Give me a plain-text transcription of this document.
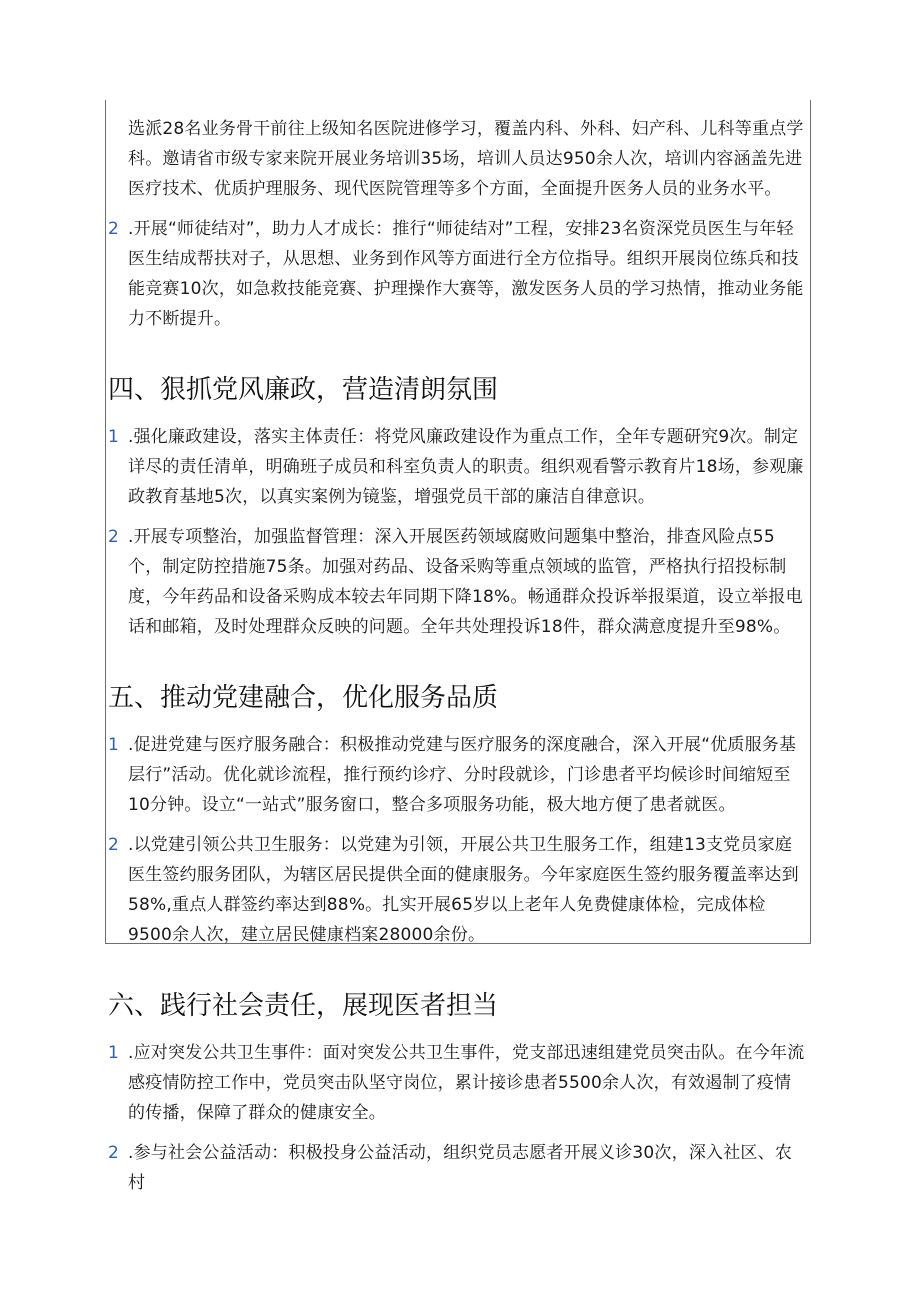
选派28名业务骨干前往上级知名医院进修学习，覆盖内科、外科、妇产科、儿科等重点学科。邀请省市级专家来院开展业务培训35场，培训人员达950余人次，培训内容涵盖先进医疗技术、优质护理服务、现代医院管理等多个方面，全面提升医务人员的业务水平。

2 .开展“师徒结对”，助力人才成长：推行“师徒结对”工程，安排23名资深党员医生与年轻医生结成帮扶对子，从思想、业务到作风等方面进行全方位指导。组织开展岗位练兵和技能竞赛10次，如急救技能竞赛、护理操作大赛等，激发医务人员的学习热情，推动业务能力不断提升。

四、狠抓党风廉政，营造清朗氛围
1 .强化廉政建设，落实主体责任：将党风廉政建设作为重点工作，全年专题研究9次。制定详尽的责任清单，明确班子成员和科室负责人的职责。组织观看警示教育片18场，参观廉政教育基地5次，以真实案例为镜鉴，增强党员干部的廉洁自律意识。

2 .开展专项整治，加强监督管理：深入开展医药领域腐败问题集中整治，排查风险点55个，制定防控措施75条。加强对药品、设备采购等重点领域的监管，严格执行招投标制度，今年药品和设备采购成本较去年同期下降18%。畅通群众投诉举报渠道，设立举报电话和邮箱，及时处理群众反映的问题。全年共处理投诉18件，群众满意度提升至98%。

五、推动党建融合，优化服务品质
1 .促进党建与医疗服务融合：积极推动党建与医疗服务的深度融合，深入开展“优质服务基层行”活动。优化就诊流程，推行预约诊疗、分时段就诊，门诊患者平均候诊时间缩短至10分钟。设立“一站式”服务窗口，整合多项服务功能，极大地方便了患者就医。

2 .以党建引领公共卫生服务：以党建为引领，开展公共卫生服务工作，组建13支党员家庭医生签约服务团队，为辖区居民提供全面的健康服务。今年家庭医生签约服务覆盖率达到58%,重点人群签约率达到88%。扎实开展65岁以上老年人免费健康体检，完成体检9500余人次，建立居民健康档案28000余份。

六、践行社会责任，展现医者担当
1 .应对突发公共卫生事件：面对突发公共卫生事件，党支部迅速组建党员突击队。在今年流感疫情防控工作中，党员突击队坚守岗位，累计接诊患者5500余人次，有效遏制了疫情的传播，保障了群众的健康安全。

2 .参与社会公益活动：积极投身公益活动，组织党员志愿者开展义诊30次，深入社区、农村
